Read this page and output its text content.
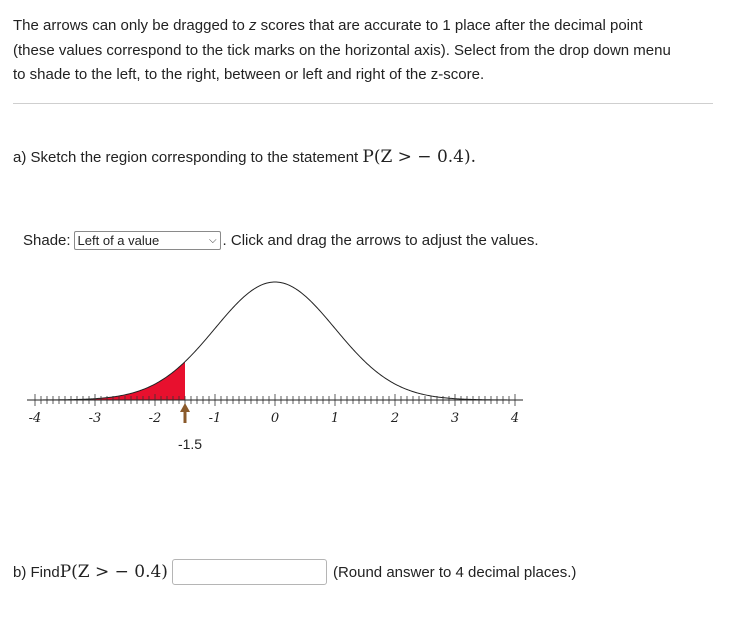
The arrows can only be dragged to z scores that are accurate to 1 place after the decimal point

(these values correspond to the tick marks on the horizontal axis). Select from the drop down menu

to shade to the left, to the right, between or left and right of the z-score.

a) Sketch the region corresponding to the statement P(Z > − 0.4).
Shade: Left of a value	⌵ . Click and drag the arrows to adjust the values.
-4	-3	-2	-1	0	1	2	3	4
-1.5
b) Find P(Z > − 0.4)	(Round answer to 4 decimal places.)
